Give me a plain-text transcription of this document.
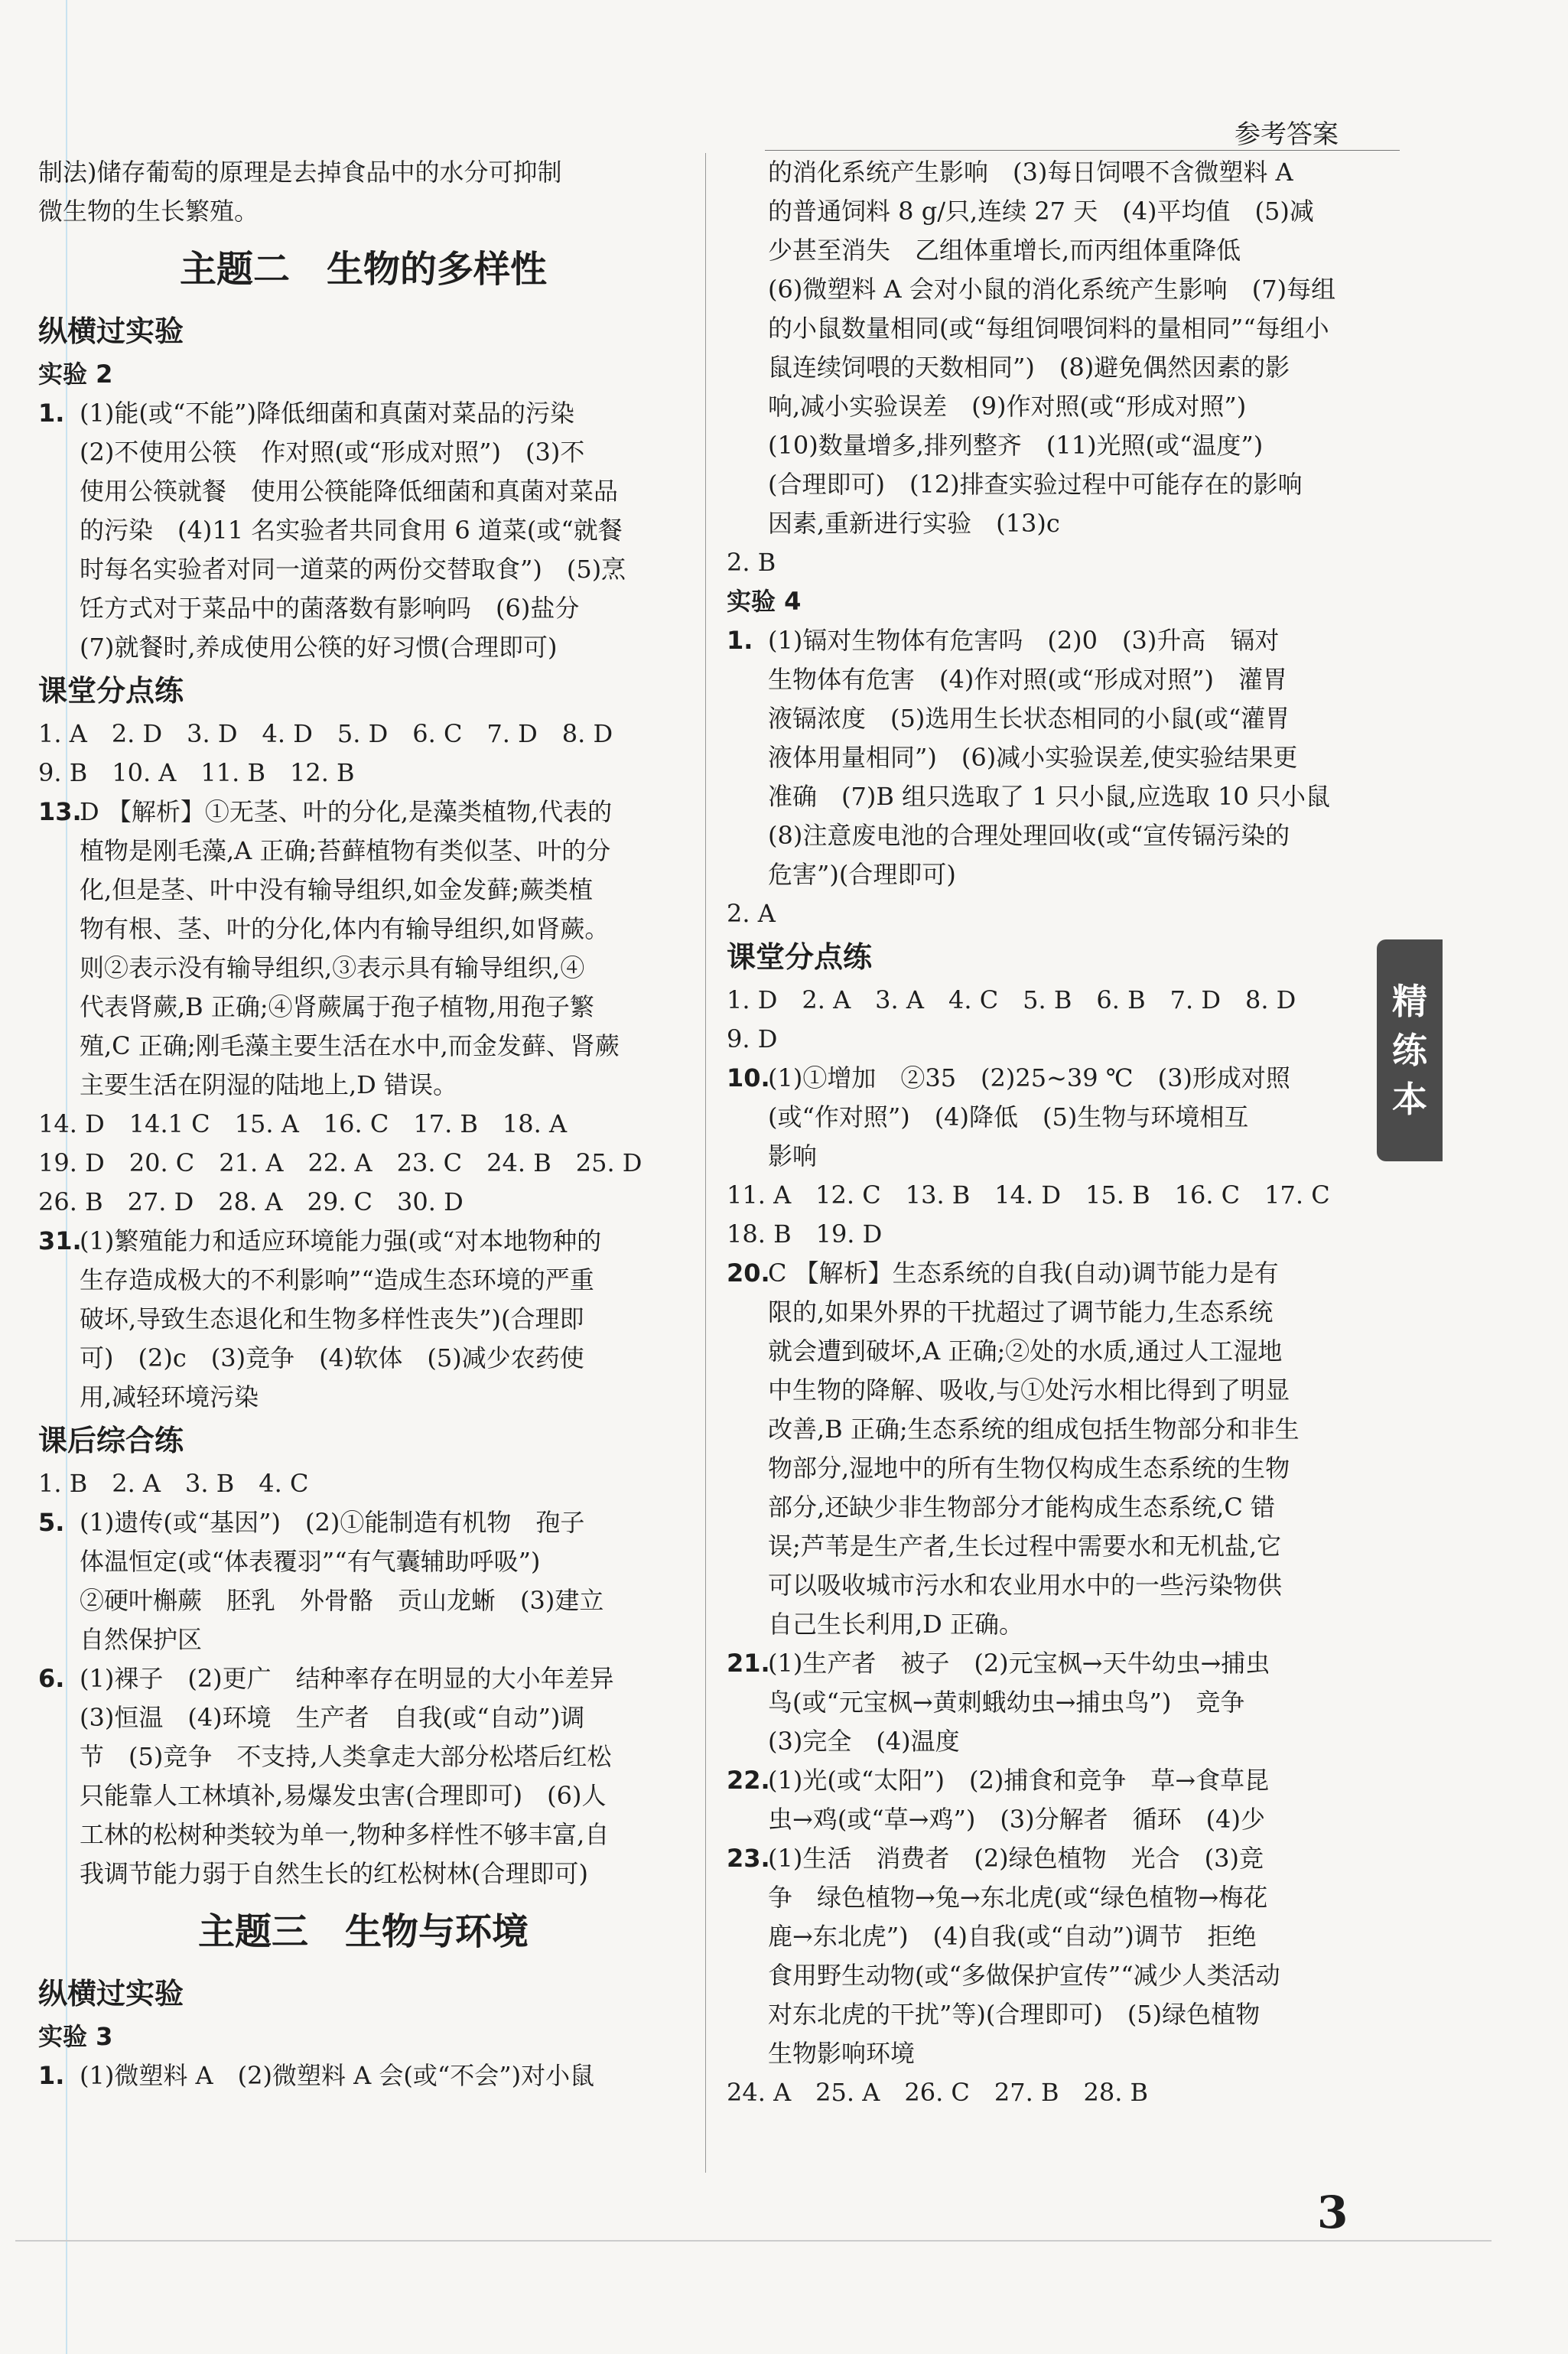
参考答案
制法)储存葡萄的原理是去掉食品中的水分可抑制
微生物的生长繁殖。
主题二　生物的多样性
纵横过实验
实验 2
1. (1)能(或“不能”)降低细菌和真菌对菜品的污染
(2)不使用公筷　作对照(或“形成对照”)　(3)不
使用公筷就餐　使用公筷能降低细菌和真菌对菜品
的污染　(4)11 名实验者共同食用 6 道菜(或“就餐
时每名实验者对同一道菜的两份交替取食”)　(5)烹
饪方式对于菜品中的菌落数有影响吗　(6)盐分
(7)就餐时,养成使用公筷的好习惯(合理即可)
课堂分点练
1. A　2. D　3. D　4. D　5. D　6. C　7. D　8. D
9. B　10. A　11. B　12. B
13.D 【解析】①无茎、叶的分化,是藻类植物,代表的
植物是刚毛藻,A 正确;苔藓植物有类似茎、叶的分
化,但是茎、叶中没有输导组织,如金发藓;蕨类植
物有根、茎、叶的分化,体内有输导组织,如肾蕨。
则②表示没有输导组织,③表示具有输导组织,④
代表肾蕨,B 正确;④肾蕨属于孢子植物,用孢子繁
殖,C 正确;刚毛藻主要生活在水中,而金发藓、肾蕨
主要生活在阴湿的陆地上,D 错误。
14. D　14.1 C　15. A　16. C　17. B　18. A
19. D　20. C　21. A　22. A　23. C　24. B　25. D
26. B　27. D　28. A　29. C　30. D
31.(1)繁殖能力和适应环境能力强(或“对本地物种的
生存造成极大的不利影响”“造成生态环境的严重
破坏,导致生态退化和生物多样性丧失”)(合理即
可)　(2)c　(3)竞争　(4)软体　(5)减少农药使
用,减轻环境污染
课后综合练
1. B　2. A　3. B　4. C
5. (1)遗传(或“基因”)　(2)①能制造有机物　孢子
体温恒定(或“体表覆羽”“有气囊辅助呼吸”)
②硬叶槲蕨　胚乳　外骨骼　贡山龙蜥　(3)建立
自然保护区
6. (1)裸子　(2)更广　结种率存在明显的大小年差异
(3)恒温　(4)环境　生产者　自我(或“自动”)调
节　(5)竞争　不支持,人类拿走大部分松塔后红松
只能靠人工林填补,易爆发虫害(合理即可)　(6)人
工林的松树种类较为单一,物种多样性不够丰富,自
我调节能力弱于自然生长的红松树林(合理即可)
主题三　生物与环境
纵横过实验
实验 3
1. (1)微塑料 A　(2)微塑料 A 会(或“不会”)对小鼠
的消化系统产生影响　(3)每日饲喂不含微塑料 A
的普通饲料 8 g/只,连续 27 天　(4)平均值　(5)减
少甚至消失　乙组体重增长,而丙组体重降低
(6)微塑料 A 会对小鼠的消化系统产生影响　(7)每组
的小鼠数量相同(或“每组饲喂饲料的量相同”“每组小
鼠连续饲喂的天数相同”)　(8)避免偶然因素的影
响,减小实验误差　(9)作对照(或“形成对照”)
(10)数量增多,排列整齐　(11)光照(或“温度”)
(合理即可)　(12)排查实验过程中可能存在的影响
因素,重新进行实验　(13)c
2. B
实验 4
1. (1)镉对生物体有危害吗　(2)0　(3)升高　镉对
生物体有危害　(4)作对照(或“形成对照”)　灌胃
液镉浓度　(5)选用生长状态相同的小鼠(或“灌胃
液体用量相同”)　(6)减小实验误差,使实验结果更
准确　(7)B 组只选取了 1 只小鼠,应选取 10 只小鼠
(8)注意废电池的合理处理回收(或“宣传镉污染的
危害”)(合理即可)
2. A
课堂分点练
1. D　2. A　3. A　4. C　5. B　6. B　7. D　8. D
9. D
10.(1)①增加　②35　(2)25~39 ℃　(3)形成对照
(或“作对照”)　(4)降低　(5)生物与环境相互
影响
11. A　12. C　13. B　14. D　15. B　16. C　17. C
18. B　19. D
20.C 【解析】生态系统的自我(自动)调节能力是有
限的,如果外界的干扰超过了调节能力,生态系统
就会遭到破坏,A 正确;②处的水质,通过人工湿地
中生物的降解、吸收,与①处污水相比得到了明显
改善,B 正确;生态系统的组成包括生物部分和非生
物部分,湿地中的所有生物仅构成生态系统的生物
部分,还缺少非生物部分才能构成生态系统,C 错
误;芦苇是生产者,生长过程中需要水和无机盐,它
可以吸收城市污水和农业用水中的一些污染物供
自己生长利用,D 正确。
21.(1)生产者　被子　(2)元宝枫→天牛幼虫→捕虫
鸟(或“元宝枫→黄刺蛾幼虫→捕虫鸟”)　竞争
(3)完全　(4)温度
22.(1)光(或“太阳”)　(2)捕食和竞争　草→食草昆
虫→鸡(或“草→鸡”)　(3)分解者　循环　(4)少
23.(1)生活　消费者　(2)绿色植物　光合　(3)竞
争　绿色植物→兔→东北虎(或“绿色植物→梅花
鹿→东北虎”)　(4)自我(或“自动”)调节　拒绝
食用野生动物(或“多做保护宣传”“减少人类活动
对东北虎的干扰”等)(合理即可)　(5)绿色植物
生物影响环境
24. A　25. A　26. C　27. B　28. B
精
练
本
3
